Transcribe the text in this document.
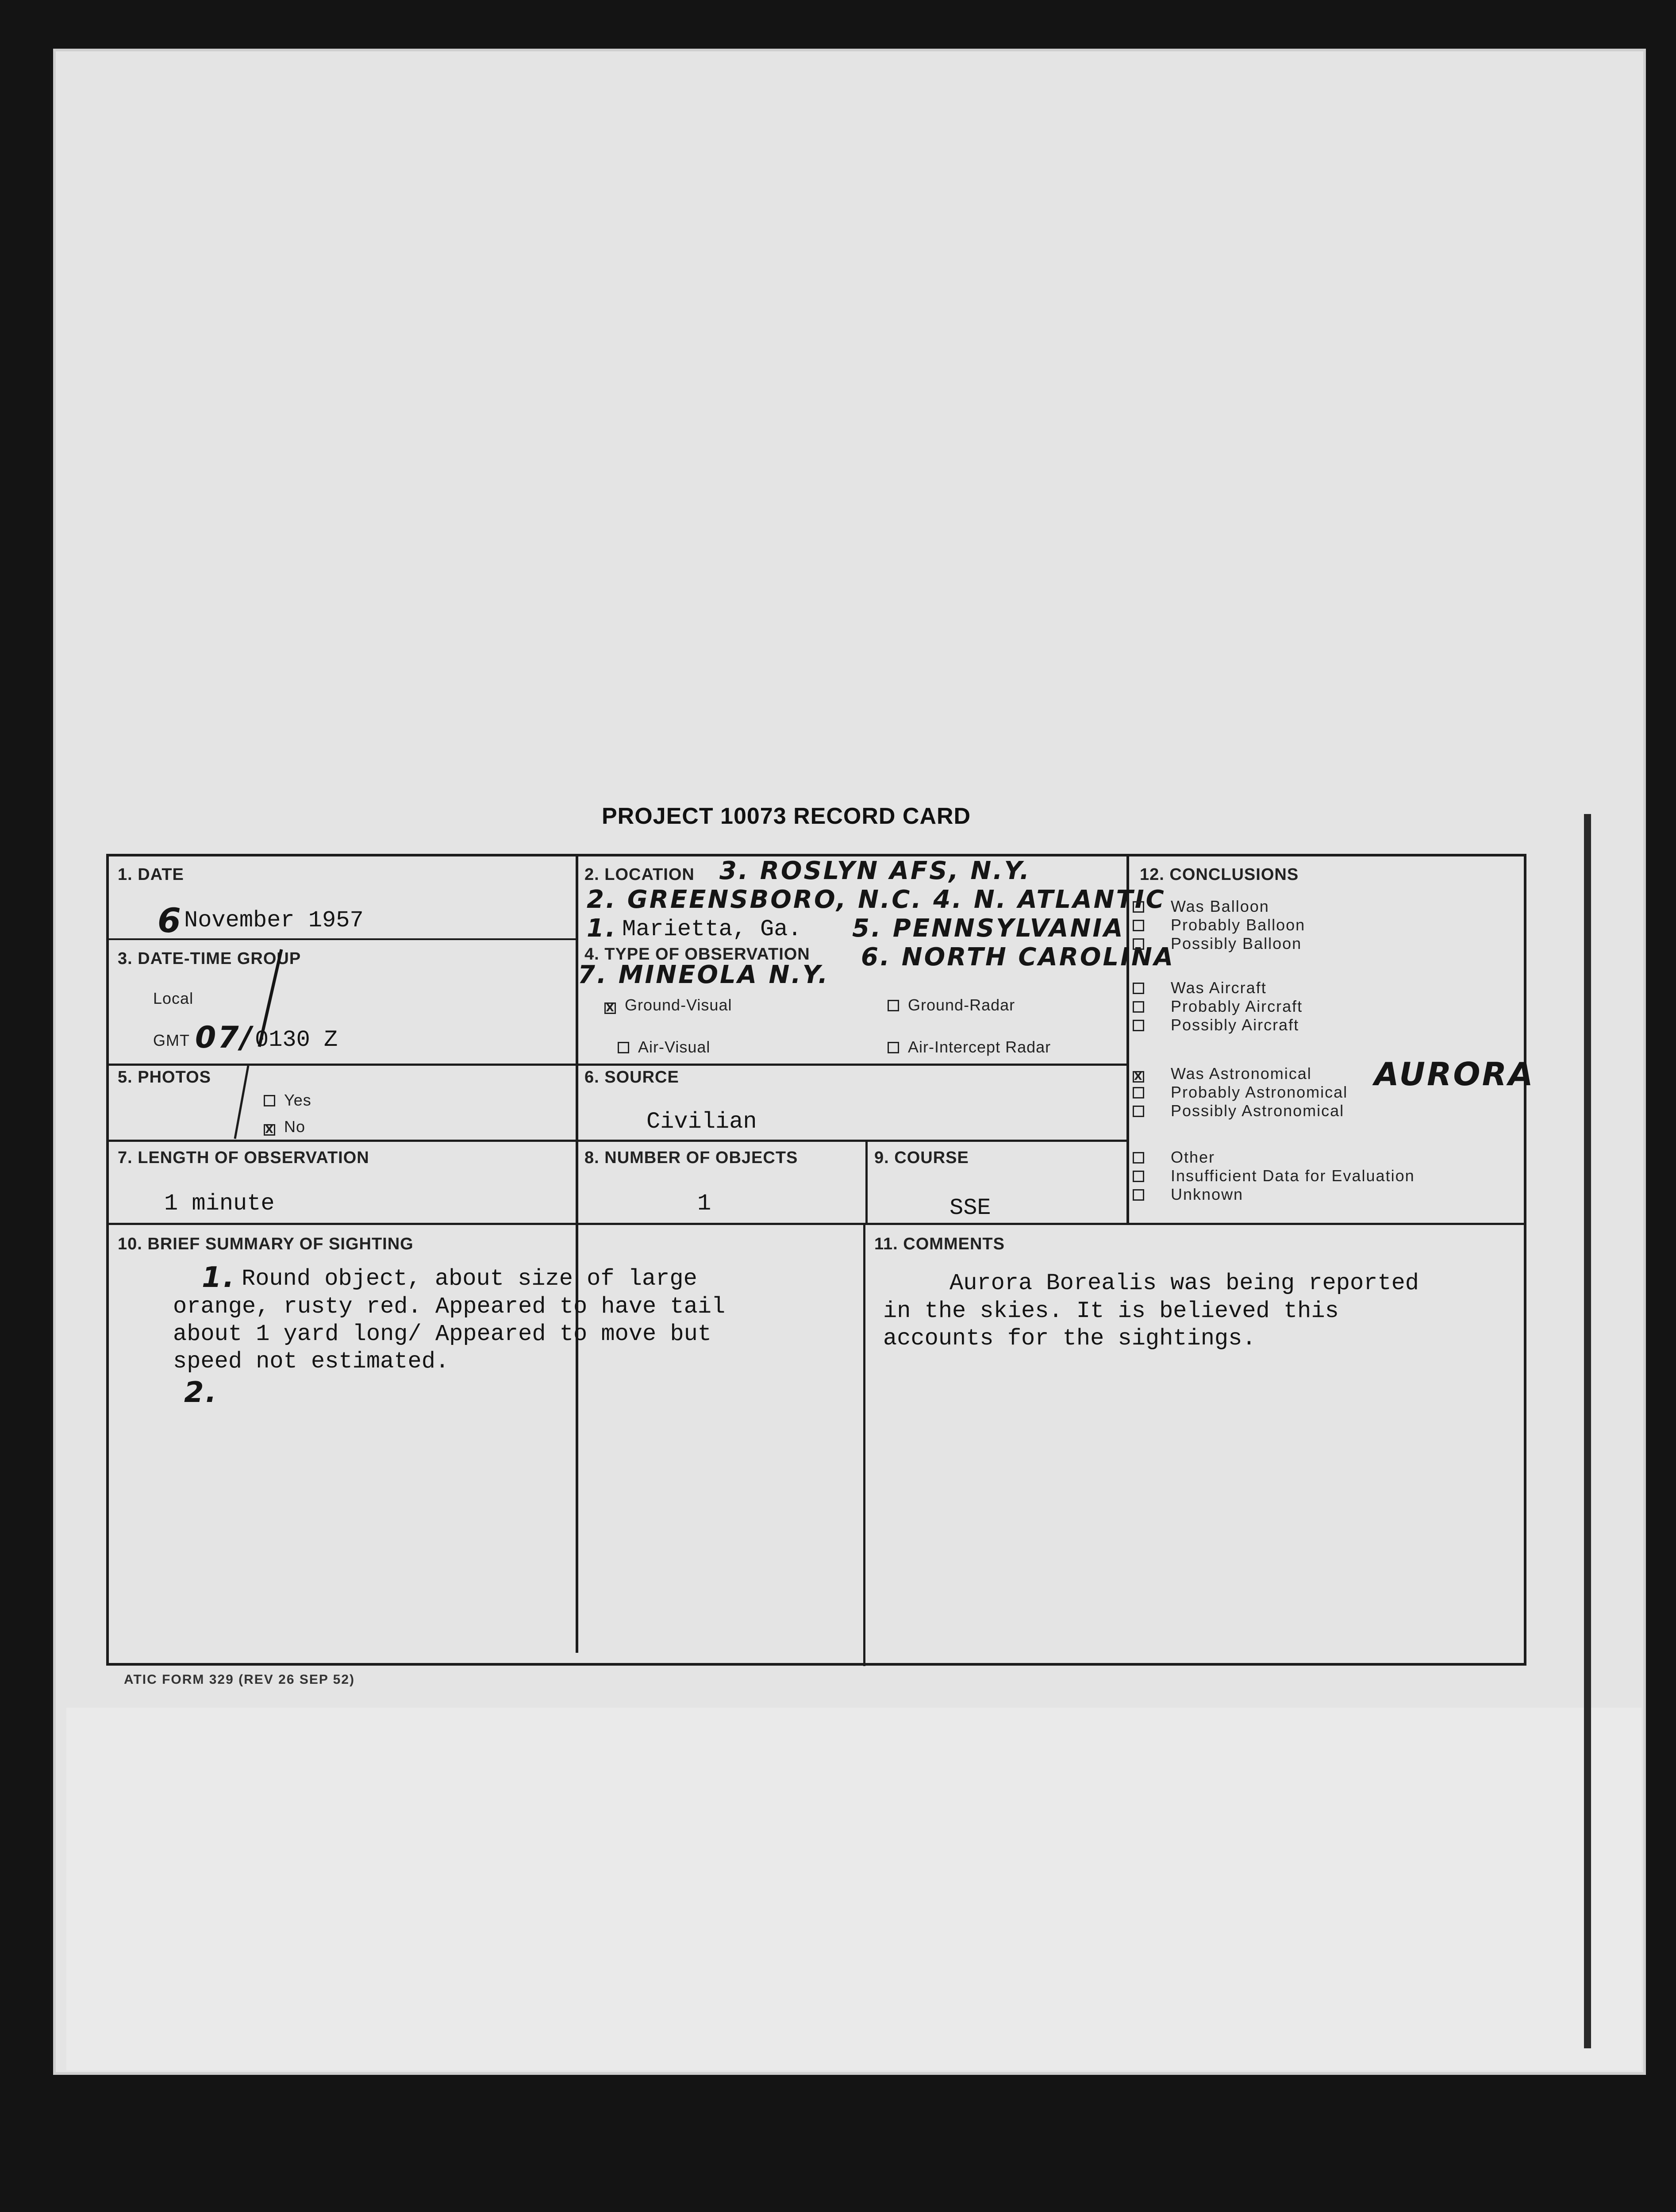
PROJECT 10073 RECORD CARD
1. DATE
6 November 1957
2. LOCATION 3. ROSLYN AFS, N.Y.
2. GREENSBORO, N.C. 4. N. ATLANTIC
1. Marietta, Ga. 5. PENNSYLVANIA
3. DATE-TIME GROUP
Local
GMT 07/ 0130 Z
4. TYPE OF OBSERVATION 6. NORTH CAROLINA
7. MINEOLA N.Y.
X Ground-Visual	Ground-Radar
Air-Visual	Air-Intercept Radar
5. PHOTOS
Yes
X No
6. SOURCE
Civilian
7. LENGTH OF OBSERVATION
1 minute
8. NUMBER OF OBJECTS
1
9. COURSE
SSE
10. BRIEF SUMMARY OF SIGHTING
1. Round object, about size of large
orange, rusty red. Appeared to have tail
about 1 yard long/ Appeared to move but
speed not estimated.
2.
11. COMMENTS
Aurora Borealis was being reported
in the skies. It is believed this
accounts for the sightings.
12. CONCLUSIONS
AURORA
Was Balloon
Probably Balloon
Possibly Balloon
Was Aircraft
Probably Aircraft
Possibly Aircraft
X Was Astronomical
Probably Astronomical
Possibly Astronomical
Other
Insufficient Data for Evaluation
Unknown
ATIC FORM 329 (REV 26 SEP 52)
